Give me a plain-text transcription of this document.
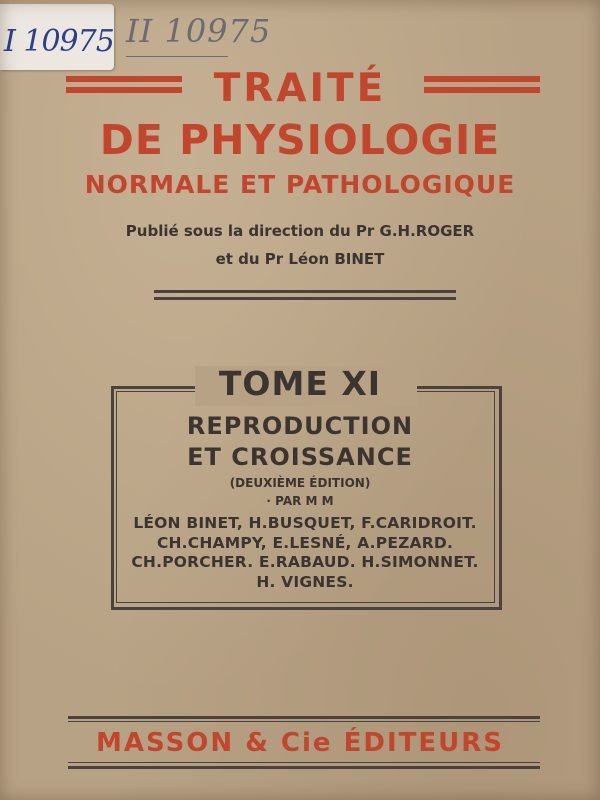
I 10975 II 10975
TRAITÉ
DE PHYSIOLOGIE
NORMALE ET PATHOLOGIQUE
Publié sous la direction du Pr G.H.ROGER
et du Pr Léon BINET
TOME XI
REPRODUCTION
ET CROISSANCE
(DEUXIÈME ÉDITION)
· PAR M M
LÉON BINET, H.BUSQUET, F.CARIDROIT.
CH.CHAMPY, E.LESNÉ, A.PEZARD.
CH.PORCHER. E.RABAUD. H.SIMONNET.
H. VIGNES.
MASSON & Cie ÉDITEURS
